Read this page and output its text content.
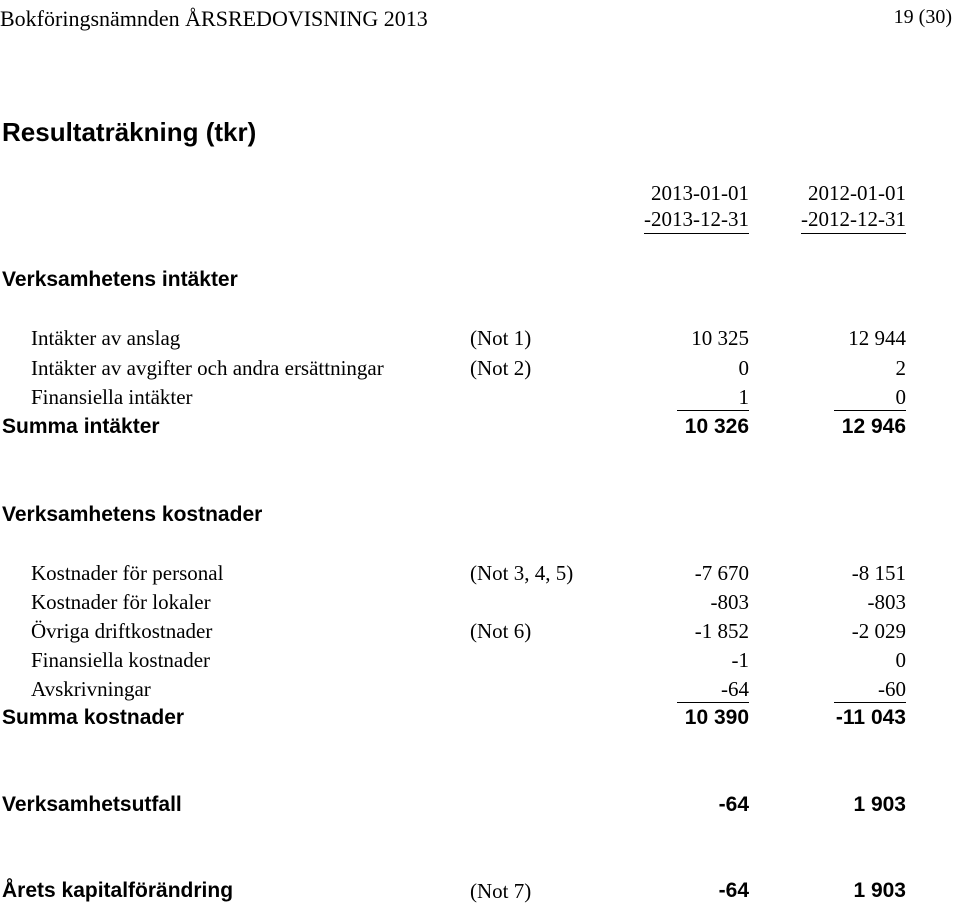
Bokföringsnämnden ÅRSREDOVISNING 2013	19 (30)
Resultaträkning (tkr)
2013-01-01
-2013-12-31
2012-01-01
-2012-12-31
Verksamhetens intäkter
Intäkter av anslag	(Not 1)	10 325	12 944
Intäkter av avgifter och andra ersättningar	(Not 2)	0	2
Finansiella intäkter	1	0
Summa intäkter	10 326	12 946
Verksamhetens kostnader
Kostnader för personal	(Not 3, 4, 5)	-7 670	-8 151
Kostnader för lokaler	-803	-803
Övriga driftkostnader	(Not 6)	-1 852	-2 029
Finansiella kostnader	-1	0
Avskrivningar	-64	-60
Summa kostnader	10 390	-11 043
Verksamhetsutfall	-64	1 903
Årets kapitalförändring	(Not 7)	-64	1 903
